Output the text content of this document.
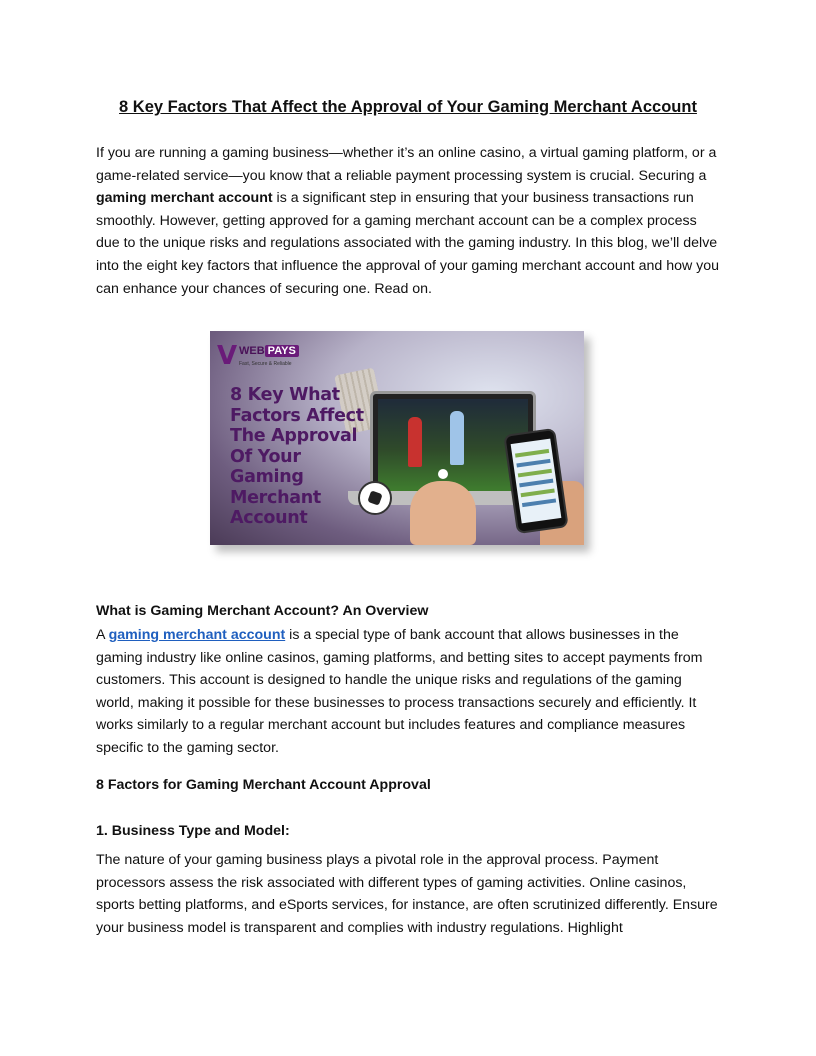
8 Key Factors That Affect the Approval of Your Gaming Merchant Account

If you are running a gaming business—whether it’s an online casino, a virtual gaming platform, or a game-related service—you know that a reliable payment processing system is crucial. Securing a gaming merchant account is a significant step in ensuring that your business transactions run smoothly. However, getting approved for a gaming merchant account can be a complex process due to the unique risks and regulations associated with the gaming industry. In this blog, we’ll delve into the eight key factors that influence the approval of your gaming merchant account and how you can enhance your chances of securing one. Read on.

V WEB PAYS
Fast, Secure & Reliable
8 Key What Factors Affect The Approval Of Your Gaming Merchant Account

What is Gaming Merchant Account? An Overview

A gaming merchant account is a special type of bank account that allows businesses in the gaming industry like online casinos, gaming platforms, and betting sites to accept payments from customers. This account is designed to handle the unique risks and regulations of the gaming world, making it possible for these businesses to process transactions securely and efficiently. It works similarly to a regular merchant account but includes features and compliance measures specific to the gaming sector.

8 Factors for Gaming Merchant Account Approval

1. Business Type and Model:

The nature of your gaming business plays a pivotal role in the approval process. Payment processors assess the risk associated with different types of gaming activities. Online casinos, sports betting platforms, and eSports services, for instance, are often scrutinized differently. Ensure your business model is transparent and complies with industry regulations. Highlight
